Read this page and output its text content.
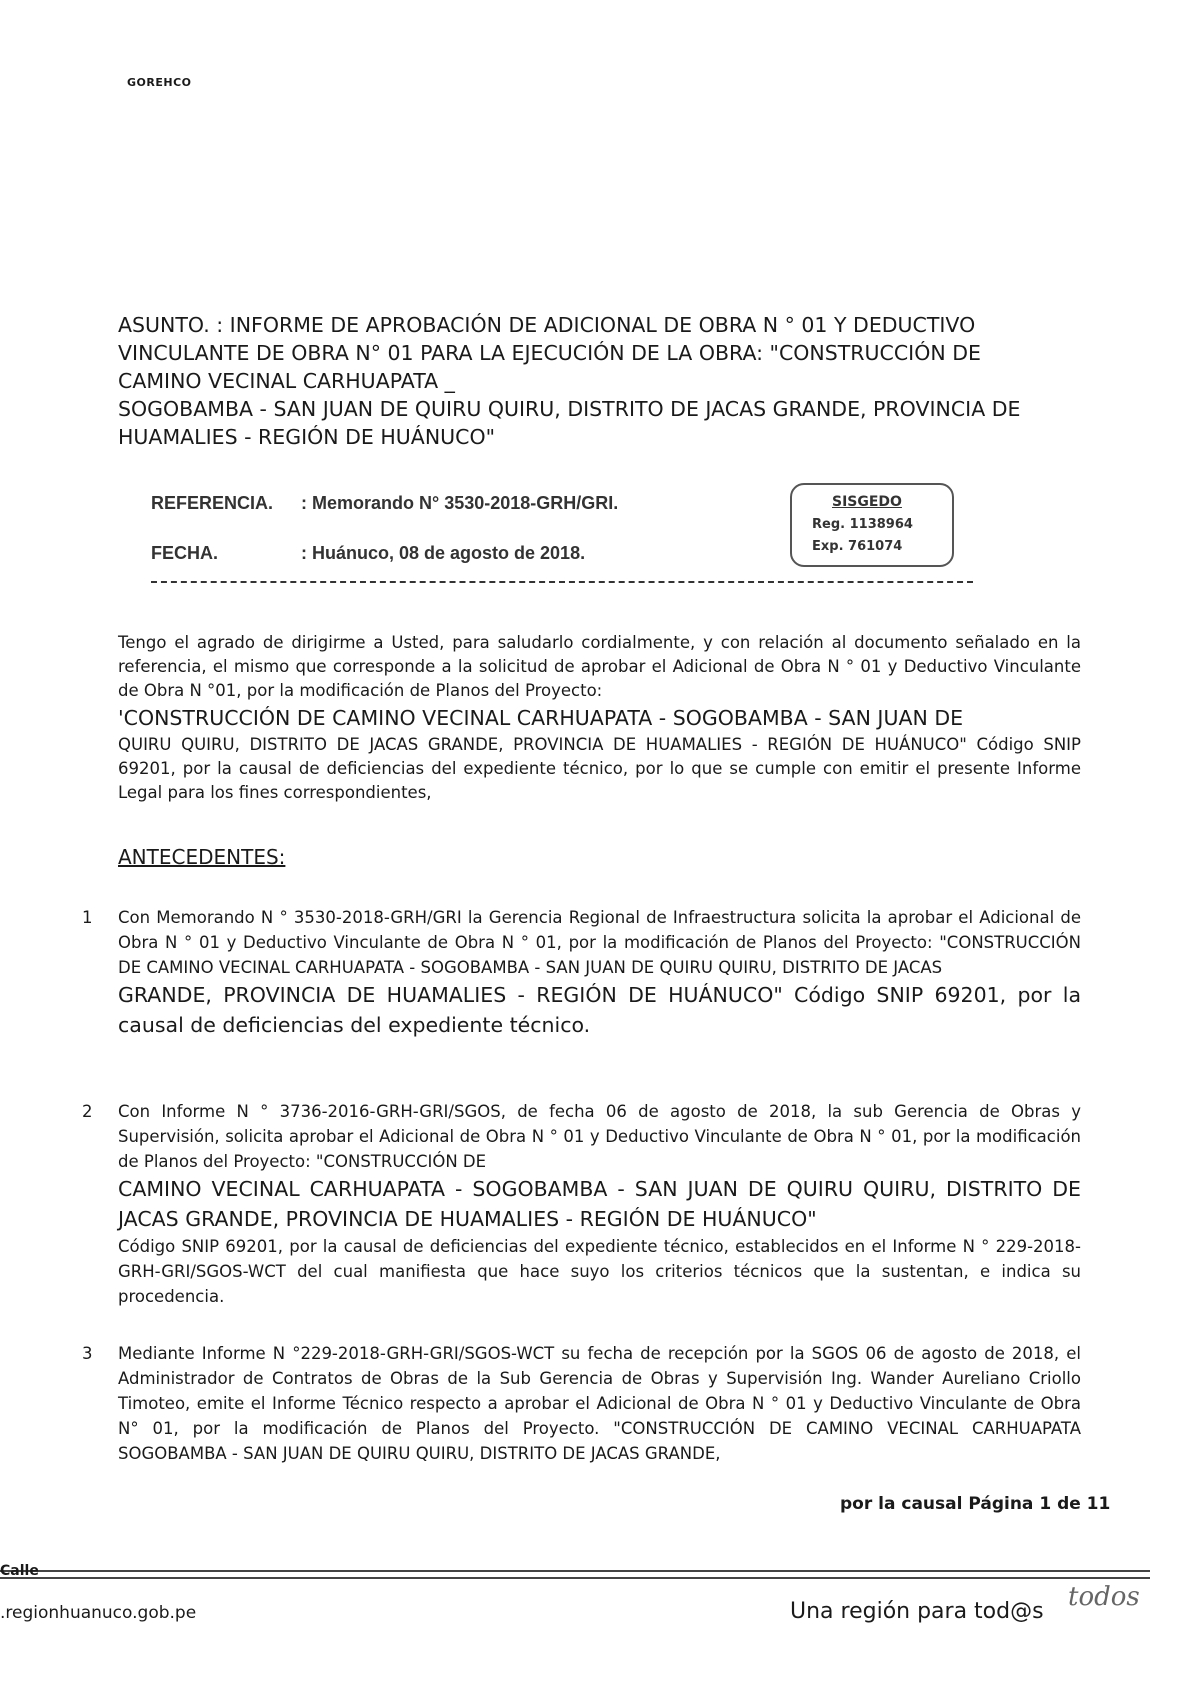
GOREHCO
ASUNTO. : INFORME DE APROBACIÓN DE ADICIONAL DE OBRA N ° 01 Y DEDUCTIVO
VINCULANTE DE OBRA N° 01 PARA LA EJECUCIÓN DE LA OBRA: "CONSTRUCCIÓN DE
CAMINO VECINAL CARHUAPATA _
SOGOBAMBA - SAN JUAN DE QUIRU QUIRU, DISTRITO DE JACAS GRANDE, PROVINCIA DE
HUAMALIES - REGIÓN DE HUÁNUCO"
REFERENCIA. : Memorando N° 3530-2018-GRH/GRI.
FECHA.	: Huánuco, 08 de agosto de 2018.
SISGEDO
Reg. 1138964
Exp. 761074
Tengo el agrado de dirigirme a Usted, para saludarlo cordialmente, y con relación al documento señalado en la referencia, el mismo que corresponde a la solicitud de aprobar el Adicional de Obra N ° 01 y Deductivo Vinculante de Obra N °01, por la modificación de Planos del Proyecto:
'CONSTRUCCIÓN DE CAMINO VECINAL CARHUAPATA - SOGOBAMBA - SAN JUAN DE
QUIRU QUIRU, DISTRITO DE JACAS GRANDE, PROVINCIA DE HUAMALIES - REGIÓN DE HUÁNUCO" Código SNIP 69201, por la causal de deficiencias del expediente técnico, por lo que se cumple con emitir el presente Informe Legal para los fines correspondientes,
ANTECEDENTES:
1	Con Memorando N ° 3530-2018-GRH/GRI la Gerencia Regional de Infraestructura solicita la aprobar el Adicional de Obra N ° 01 y Deductivo Vinculante de Obra N ° 01, por la modificación de Planos del Proyecto: "CONSTRUCCIÓN DE CAMINO VECINAL CARHUAPATA - SOGOBAMBA - SAN JUAN DE QUIRU QUIRU, DISTRITO DE JACAS
GRANDE, PROVINCIA DE HUAMALIES - REGIÓN DE HUÁNUCO" Código SNIP 69201, por la causal de deficiencias del expediente técnico.
2	Con Informe N ° 3736-2016-GRH-GRI/SGOS, de fecha 06 de agosto de 2018, la sub Gerencia de Obras y Supervisión, solicita aprobar el Adicional de Obra N ° 01 y Deductivo Vinculante de Obra N ° 01, por la modificación de Planos del Proyecto: "CONSTRUCCIÓN DE
CAMINO VECINAL CARHUAPATA - SOGOBAMBA - SAN JUAN DE QUIRU QUIRU, DISTRITO DE JACAS GRANDE, PROVINCIA DE HUAMALIES - REGIÓN DE HUÁNUCO"
Código SNIP 69201, por la causal de deficiencias del expediente técnico, establecidos en el Informe N ° 229-2018-GRH-GRI/SGOS-WCT del cual manifiesta que hace suyo los criterios técnicos que la sustentan, e indica su procedencia.
3	Mediante Informe N °229-2018-GRH-GRI/SGOS-WCT su fecha de recepción por la SGOS 06 de agosto de 2018, el Administrador de Contratos de Obras de la Sub Gerencia de Obras y Supervisión Ing. Wander Aureliano Criollo Timoteo, emite el Informe Técnico respecto a aprobar el Adicional de Obra N ° 01 y Deductivo Vinculante de Obra N° 01, por la modificación de Planos del Proyecto. "CONSTRUCCIÓN DE CAMINO VECINAL CARHUAPATA SOGOBAMBA - SAN JUAN DE QUIRU QUIRU, DISTRITO DE JACAS GRANDE,
por la causal Página 1 de 11
Calle
.regionhuanuco.gob.pe	Una región para tod@s todos
